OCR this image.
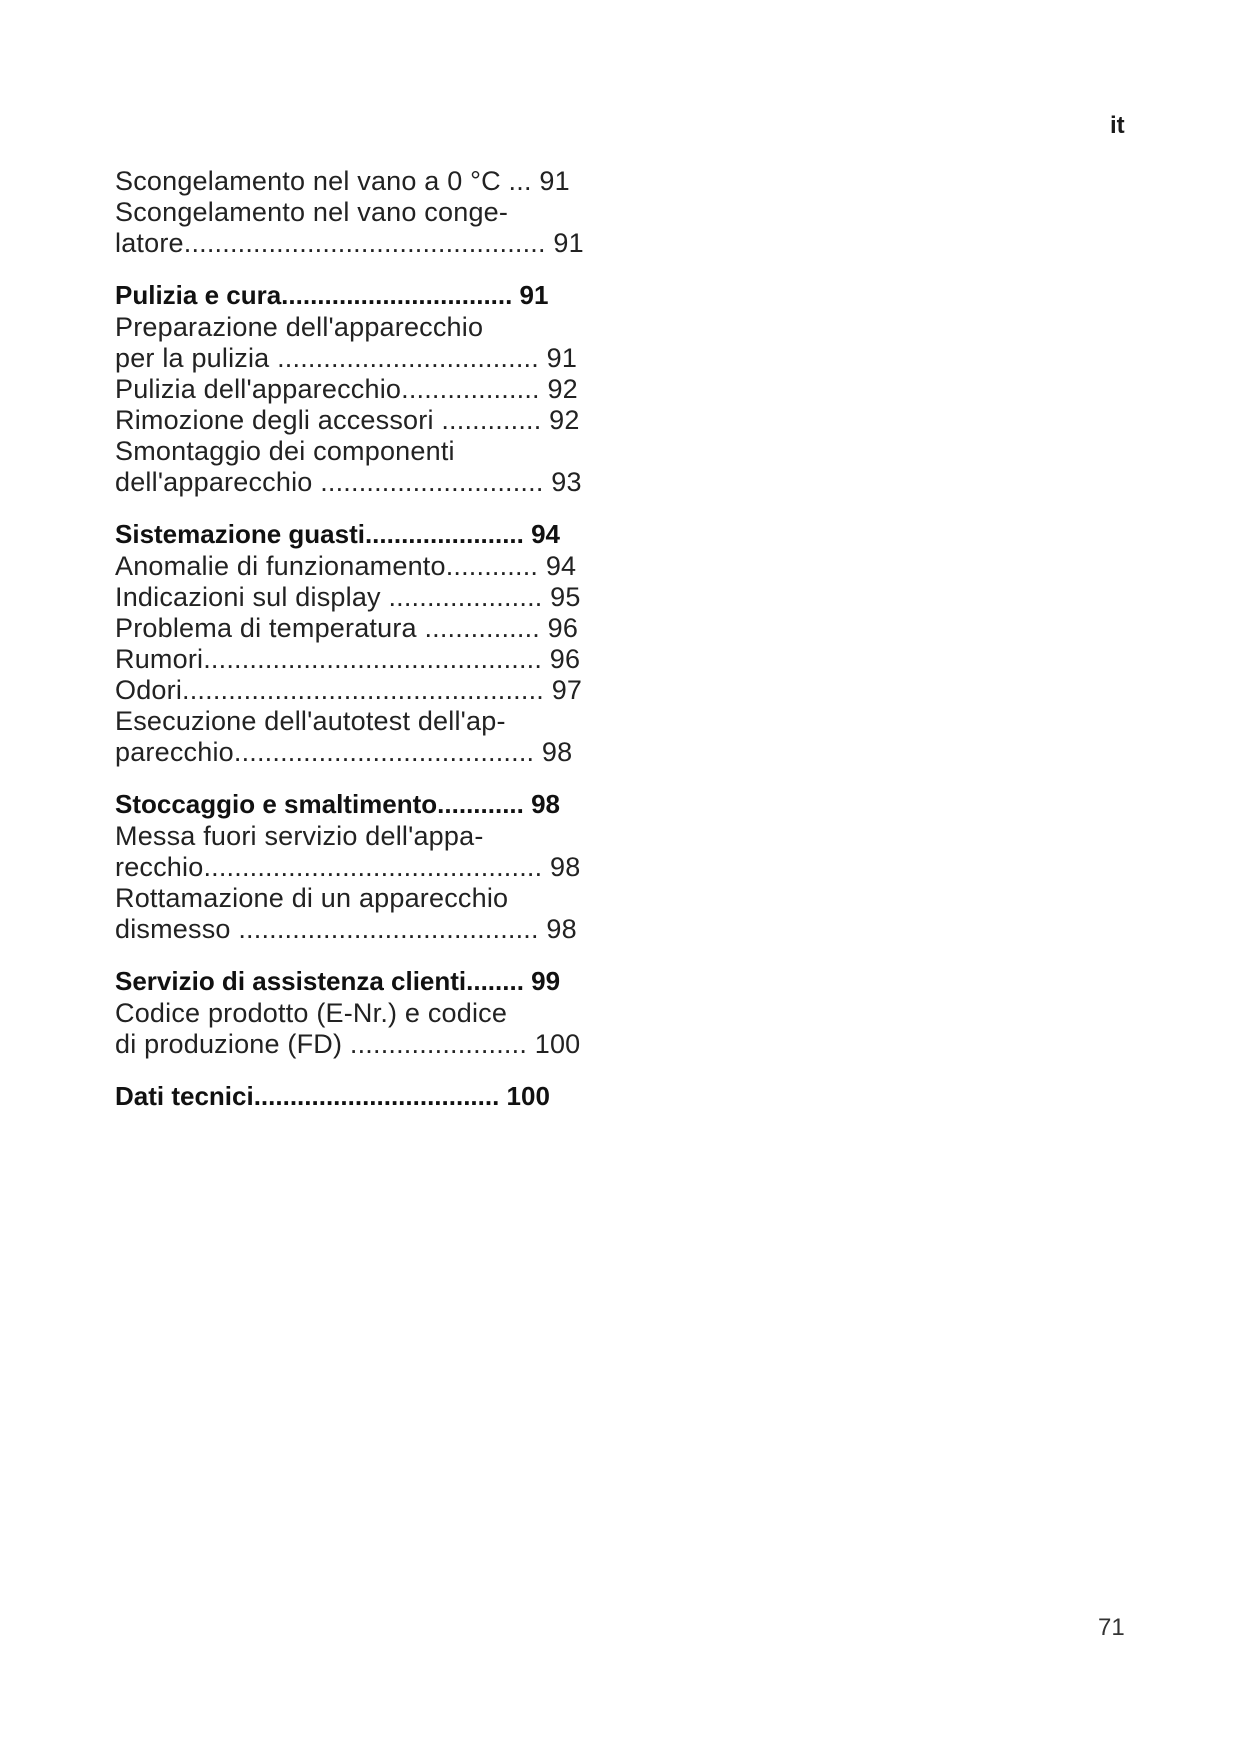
it
Scongelamento nel vano a 0 °C ... 91
Scongelamento nel vano conge-
latore............................................... 91
Pulizia e cura................................ 91
Preparazione dell'apparecchio
per la pulizia .................................. 91
Pulizia dell'apparecchio.................. 92
Rimozione degli accessori ............. 92
Smontaggio dei componenti
dell'apparecchio ............................. 93
Sistemazione guasti...................... 94
Anomalie di funzionamento............ 94
Indicazioni sul display .................... 95
Problema di temperatura ............... 96
Rumori............................................ 96
Odori............................................... 97
Esecuzione dell'autotest dell'ap-
parecchio....................................... 98
Stoccaggio e smaltimento............ 98
Messa fuori servizio dell'appa-
recchio............................................ 98
Rottamazione di un apparecchio
dismesso ....................................... 98
Servizio di assistenza clienti........ 99
Codice prodotto (E-Nr.) e codice
di produzione (FD) ....................... 100
Dati tecnici.................................. 100
71
